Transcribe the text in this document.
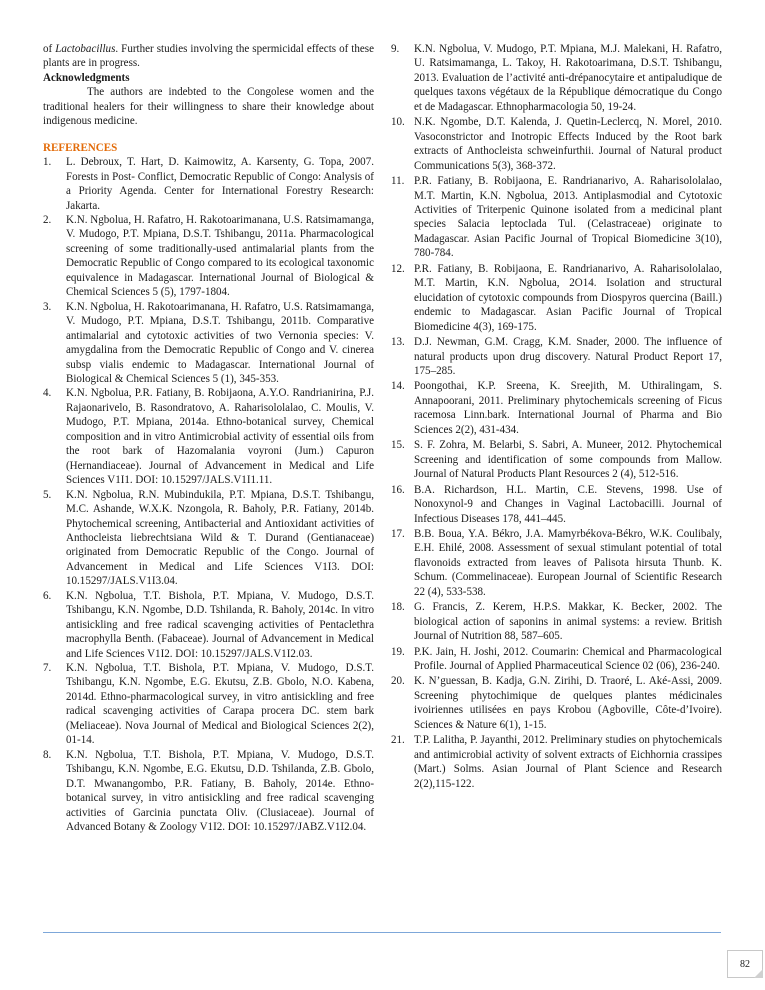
of Lactobacillus. Further studies involving the spermicidal effects of these plants are in progress.

Acknowledgments

The authors are indebted to the Congolese women and the traditional healers for their willingness to share their knowledge about indigenous medicine.

REFERENCES

1.	L. Debroux, T. Hart, D. Kaimowitz, A. Karsenty, G. Topa, 2007. Forests in Post- Conflict, Democratic Republic of Congo: Analysis of a Priority Agenda. Center for International Forestry Research: Jakarta.
2.	K.N. Ngbolua, H. Rafatro, H. Rakotoarimanana, U.S. Ratsimamanga, V. Mudogo, P.T. Mpiana, D.S.T. Tshibangu, 2011a. Pharmacological screening of some traditionally-used antimalarial plants from the Democratic Republic of Congo compared to its ecological taxonomic equivalence in Madagascar. International Journal of Biological & Chemical Sciences 5 (5), 1797-1804.
3.	K.N. Ngbolua, H. Rakotoarimanana, H. Rafatro, U.S. Ratsimamanga, V. Mudogo, P.T. Mpiana, D.S.T. Tshibangu, 2011b. Comparative antimalarial and cytotoxic activities of two Vernonia species: V. amygdalina from the Democratic Republic of Congo and V. cinerea subsp vialis endemic to Madagascar. International Journal of Biological & Chemical Sciences 5 (1), 345-353.
4.	K.N. Ngbolua, P.R. Fatiany, B. Robijaona, A.Y.O. Randrianirina, P.J. Rajaonarivelo, B. Rasondratovo, A. Raharisololalao, C. Moulis, V. Mudogo, P.T. Mpiana, 2014a. Ethno-botanical survey, Chemical composition and in vitro Antimicrobial activity of essential oils from the root bark of Hazomalania voyroni (Jum.) Capuron (Hernandiaceae). Journal of Advancement in Medical and Life Sciences V1I1. DOI: 10.15297/JALS.V1I1.11.
5.	K.N. Ngbolua, R.N. Mubindukila, P.T. Mpiana, D.S.T. Tshibangu, M.C. Ashande, W.X.K. Nzongola, R. Baholy, P.R. Fatiany, 2014b. Phytochemical screening, Antibacterial and Antioxidant activities of Anthocleista liebrechtsiana Wild & T. Durand (Gentianaceae) originated from Democratic Republic of the Congo. Journal of Advancement in Medical and Life Sciences V1I3. DOI: 10.15297/JALS.V1I3.04.
6.	K.N. Ngbolua, T.T. Bishola, P.T. Mpiana, V. Mudogo, D.S.T. Tshibangu, K.N. Ngombe, D.D. Tshilanda, R. Baholy, 2014c. In vitro antisickling and free radical scavenging activities of Pentaclethra macrophylla Benth. (Fabaceae). Journal of Advancement in Medical and Life Sciences V1I2. DOI: 10.15297/JALS.V1I2.03.
7.	K.N. Ngbolua, T.T. Bishola, P.T. Mpiana, V. Mudogo, D.S.T. Tshibangu, K.N. Ngombe, E.G. Ekutsu, Z.B. Gbolo, N.O. Kabena, 2014d. Ethno-pharmacological survey, in vitro antisickling and free radical scavenging activities of Carapa procera DC. stem bark (Meliaceae). Nova Journal of Medical and Biological Sciences 2(2), 01-14.
8.	K.N. Ngbolua, T.T. Bishola, P.T. Mpiana, V. Mudogo, D.S.T. Tshibangu, K.N. Ngombe, E.G. Ekutsu, D.D. Tshilanda, Z.B. Gbolo, D.T. Mwanangombo, P.R. Fatiany, B. Baholy, 2014e. Ethno-botanical survey, in vitro antisickling and free radical scavenging activities of Garcinia punctata Oliv. (Clusiaceae). Journal of Advanced Botany & Zoology V1I2. DOI: 10.15297/JABZ.V1I2.04.
9.	K.N. Ngbolua, V. Mudogo, P.T. Mpiana, M.J. Malekani, H. Rafatro, U. Ratsimamanga, L. Takoy, H. Rakotoarimana, D.S.T. Tshibangu, 2013. Evaluation de l’activité anti-drépanocytaire et antipaludique de quelques taxons végétaux de la République démocratique du Congo et de Madagascar. Ethnopharmacologia 50, 19-24.
10. N.K. Ngombe, D.T. Kalenda, J. Quetin-Leclercq, N. Morel, 2010. Vasoconstrictor and Inotropic Effects Induced by the Root bark extracts of Anthocleista schweinfurthii. Journal of Natural product Communications 5(3), 368-372.
11. P.R. Fatiany, B. Robijaona, E. Randrianarivo, A. Raharisololalao, M.T. Martin, K.N. Ngbolua, 2013. Antiplasmodial and Cytotoxic Activities of Triterpenic Quinone isolated from a medicinal plant species Salacia leptoclada Tul. (Celastraceae) originate to Madagascar. Asian Pacific Journal of Tropical Biomedicine 3(10), 780-784.
12. P.R. Fatiany, B. Robijaona, E. Randrianarivo, A. Raharisololalao, M.T. Martin, K.N. Ngbolua, 2O14. Isolation and structural elucidation of cytotoxic compounds from Diospyros quercina (Baill.) endemic to Madagascar. Asian Pacific Journal of Tropical Biomedicine 4(3), 169-175.
13. D.J. Newman, G.M. Cragg, K.M. Snader, 2000. The influence of natural products upon drug discovery. Natural Product Report 17, 175–285.
14. Poongothai, K.P. Sreena, K. Sreejith, M. Uthiralingam, S. Annapoorani, 2011. Preliminary phytochemicals screening of Ficus racemosa Linn.bark. International Journal of Pharma and Bio Sciences 2(2), 431-434.
15. S. F. Zohra, M. Belarbi, S. Sabri, A. Muneer, 2012. Phytochemical Screening and identification of some compounds from Mallow. Journal of Natural Products Plant Resources 2 (4), 512-516.
16. B.A. Richardson, H.L. Martin, C.E. Stevens, 1998. Use of Nonoxynol-9 and Changes in Vaginal Lactobacilli. Journal of Infectious Diseases 178, 441–445.
17. B.B. Boua, Y.A. Békro, J.A. Mamyrbékova-Békro, W.K. Coulibaly, E.H. Ehilé, 2008. Assessment of sexual stimulant potential of total flavonoids extracted from leaves of Palisota hirsuta Thunb. K. Schum. (Commelinaceae). European Journal of Scientific Research 22 (4), 533-538.
18. G. Francis, Z. Kerem, H.P.S. Makkar, K. Becker, 2002. The biological action of saponins in animal systems: a review. British Journal of Nutrition 88, 587–605.
19. P.K. Jain, H. Joshi, 2012. Coumarin: Chemical and Pharmacological Profile. Journal of Applied Pharmaceutical Science 02 (06), 236-240.
20. K. N’guessan, B. Kadja, G.N. Zirihi, D. Traoré, L. Aké-Assi, 2009. Screening phytochimique de quelques plantes médicinales ivoiriennes utilisées en pays Krobou (Agboville, Côte-d’Ivoire). Sciences & Nature 6(1), 1-15.
21. T.P. Lalitha, P. Jayanthi, 2012. Preliminary studies on phytochemicals and antimicrobial activity of solvent extracts of Eichhornia crassipes (Mart.) Solms. Asian Journal of Plant Science and Research 2(2),115-122.
82
